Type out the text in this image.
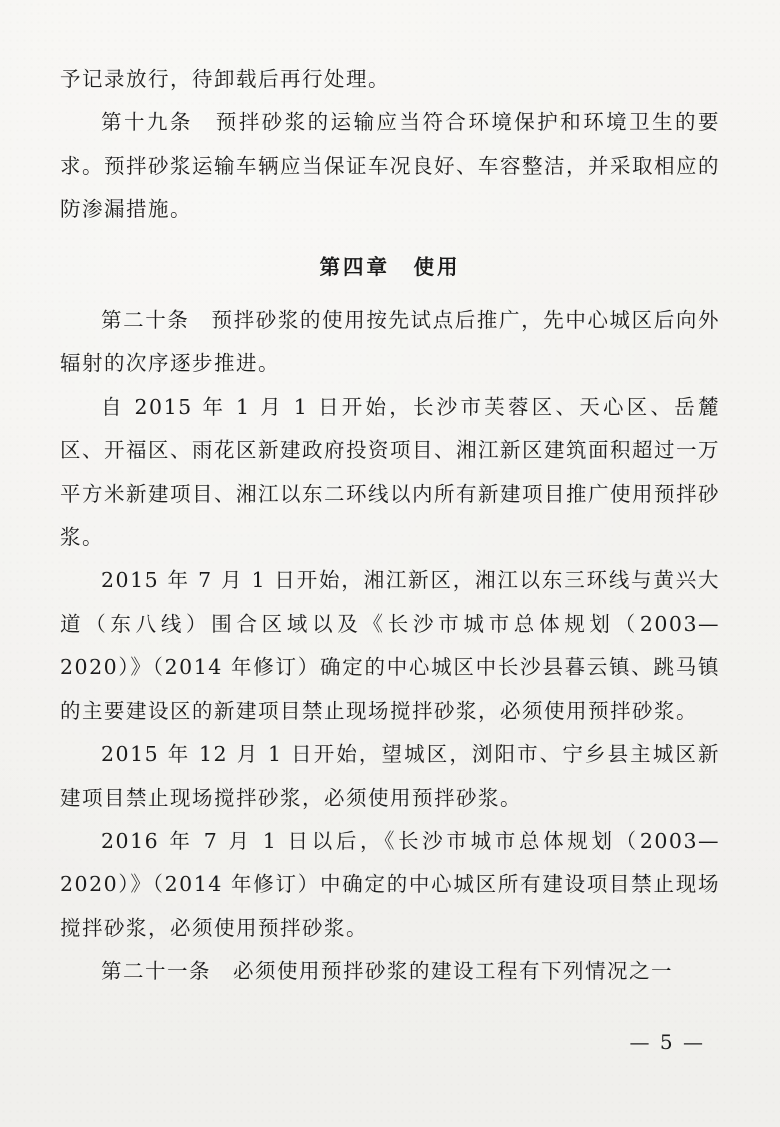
予记录放行，待卸载后再行处理。

第十九条　预拌砂浆的运输应当符合环境保护和环境卫生的要求。预拌砂浆运输车辆应当保证车况良好、车容整洁，并采取相应的防渗漏措施。

第四章　使用

第二十条　预拌砂浆的使用按先试点后推广，先中心城区后向外辐射的次序逐步推进。

自 2015 年 1 月 1 日开始，长沙市芙蓉区、天心区、岳麓区、开福区、雨花区新建政府投资项目、湘江新区建筑面积超过一万平方米新建项目、湘江以东二环线以内所有新建项目推广使用预拌砂浆。

2015 年 7 月 1 日开始，湘江新区，湘江以东三环线与黄兴大道（东八线）围合区域以及《长沙市城市总体规划（2003—2020）》（2014 年修订）确定的中心城区中长沙县暮云镇、跳马镇的主要建设区的新建项目禁止现场搅拌砂浆，必须使用预拌砂浆。

2015 年 12 月 1 日开始，望城区，浏阳市、宁乡县主城区新建项目禁止现场搅拌砂浆，必须使用预拌砂浆。

2016 年 7 月 1 日以后，《长沙市城市总体规划（2003—2020）》（2014 年修订）中确定的中心城区所有建设项目禁止现场搅拌砂浆，必须使用预拌砂浆。

第二十一条　必须使用预拌砂浆的建设工程有下列情况之一

— 5 —
